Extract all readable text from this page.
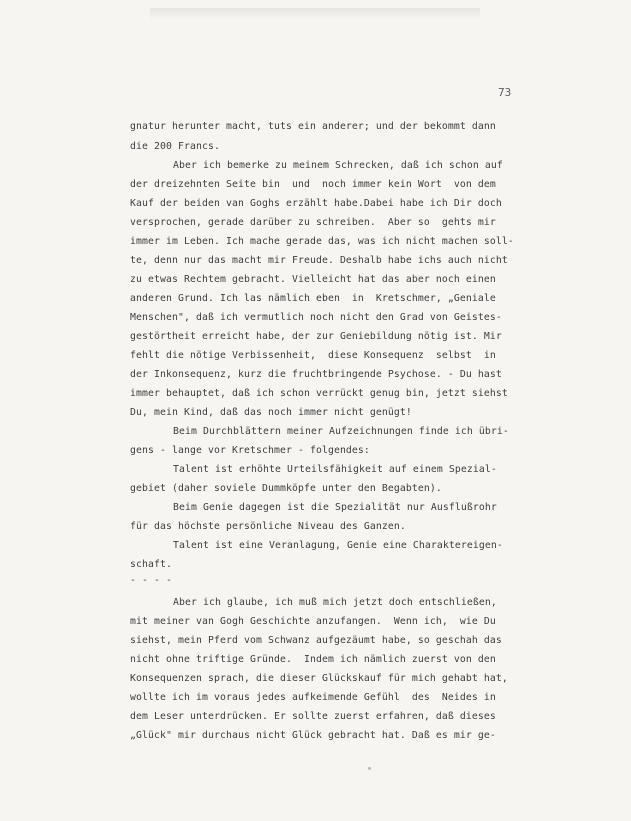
73
gnatur herunter macht, tuts ein anderer; und der bekommt dann
die 200 Francs.
Aber ich bemerke zu meinem Schrecken, daß ich schon auf
der dreizehnten Seite bin  und  noch immer kein Wort  von dem
Kauf der beiden van Goghs erzählt habe.Dabei habe ich Dir doch
versprochen, gerade darüber zu schreiben.  Aber so  gehts mir
immer im Leben. Ich mache gerade das, was ich nicht machen soll-
te, denn nur das macht mir Freude. Deshalb habe ichs auch nicht
zu etwas Rechtem gebracht. Vielleicht hat das aber noch einen
anderen Grund. Ich las nämlich eben  in  Kretschmer, „Geniale
Menschen", daß ich vermutlich noch nicht den Grad von Geistes-
gestörtheit erreicht habe, der zur Geniebildung nötig ist. Mir
fehlt die nötige Verbissenheit,  diese Konsequenz  selbst  in
der Inkonsequenz, kurz die fruchtbringende Psychose. - Du hast
immer behauptet, daß ich schon verrückt genug bin, jetzt siehst
Du, mein Kind, daß das noch immer nicht genügt!
Beim Durchblättern meiner Aufzeichnungen finde ich übri-
gens - lange vor Kretschmer - folgendes:
Talent ist erhöhte Urteilsfähigkeit auf einem Spezial-
gebiet (daher soviele Dummköpfe unter den Begabten).
Beim Genie dagegen ist die Spezialität nur Ausflußrohr
für das höchste persönliche Niveau des Ganzen.
Talent ist eine Veranlagung, Genie eine Charaktereigen-
schaft.
- - - -
Aber ich glaube, ich muß mich jetzt doch entschließen,
mit meiner van Gogh Geschichte anzufangen.  Wenn ich,  wie Du
siehst, mein Pferd vom Schwanz aufgezäumt habe, so geschah das
nicht ohne triftige Gründe.  Indem ich nämlich zuerst von den
Konsequenzen sprach, die dieser Glückskauf für mich gehabt hat,
wollte ich im voraus jedes aufkeimende Gefühl  des  Neides in
dem Leser unterdrücken. Er sollte zuerst erfahren, daß dieses
„Glück" mir durchaus nicht Glück gebracht hat. Daß es mir ge-
